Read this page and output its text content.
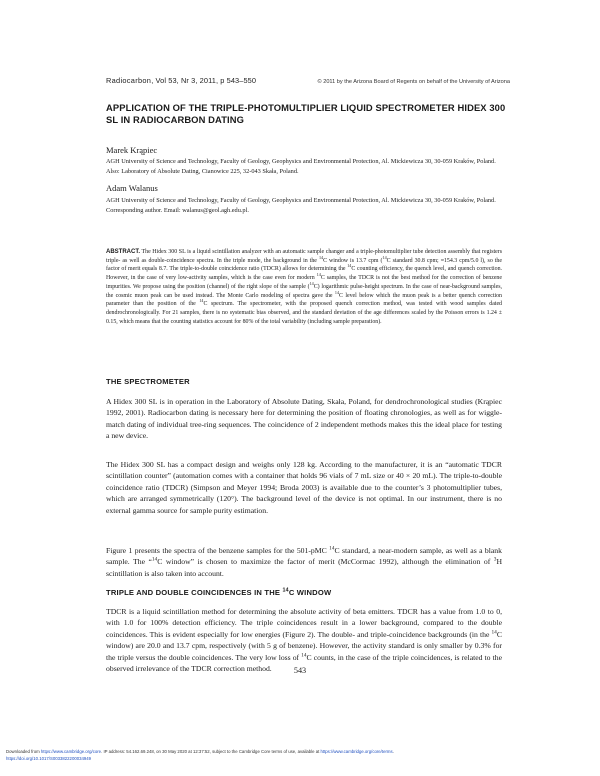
Radiocarbon, Vol 53, Nr 3, 2011, p 543–550	© 2011 by the Arizona Board of Regents on behalf of the University of Arizona
APPLICATION OF THE TRIPLE-PHOTOMULTIPLIER LIQUID SPECTROMETER HIDEX 300 SL IN RADIOCARBON DATING

Marek Krąpiec

AGH University of Science and Technology, Faculty of Geology, Geophysics and Environmental Protection, Al. Mickiewicza 30, 30-059 Kraków, Poland. Also: Laboratory of Absolute Dating, Cianowice 225, 32-043 Skała, Poland.

Adam Walanus

AGH University of Science and Technology, Faculty of Geology, Geophysics and Environmental Protection, Al. Mickiewicza 30, 30-059 Kraków, Poland. Corresponding author. Email: walanus@geol.agh.edu.pl.

ABSTRACT. The Hidex 300 SL is a liquid scintillation analyzer with an automatic sample changer and a triple-photomultiplier tube detection assembly that registers triple- as well as double-coincidence spectra. In the triple mode, the background in the $^{14}$C window is 13.7 cpm ($^{14}$C standard 30.8 cpm; ≈154.3 cpm/5.0 l), so the factor of merit equals 8.7. The triple-to-double coincidence ratio (TDCR) allows for determining the $^{14}$C counting efficiency, the quench level, and quench correction. However, in the case of very low-activity samples, which is the case even for modern $^{14}$C samples, the TDCR is not the best method for the correction of benzene impurities. We propose using the position (channel) of the right slope of the sample ($^{14}$C) logarithmic pulse-height spectrum. In the case of near-background samples, the cosmic muon peak can be used instead. The Monte Carlo modeling of spectra gave the $^{14}$C level below which the muon peak is a better quench correction parameter than the position of the $^{14}$C spectrum. The spectrometer, with the proposed quench correction method, was tested with wood samples dated dendrochronologically. For 21 samples, there is no systematic bias observed, and the standard deviation of the age differences scaled by the Poisson errors is 1.24 ± 0.15, which means that the counting statistics account for 80% of the total variability (including sample preparation).

THE SPECTROMETER

A Hidex 300 SL is in operation in the Laboratory of Absolute Dating, Skała, Poland, for dendrochronological studies (Krąpiec 1992, 2001). Radiocarbon dating is necessary here for determining the position of floating chronologies, as well as for wiggle-match dating of individual tree-ring sequences. The coincidence of 2 independent methods makes this the ideal place for testing a new device.

The Hidex 300 SL has a compact design and weighs only 128 kg. According to the manufacturer, it is an “automatic TDCR scintillation counter” (automation comes with a container that holds 96 vials of 7 mL size or 40 × 20 mL). The triple-to-double coincidence ratio (TDCR) (Simpson and Meyer 1994; Broda 2003) is available due to the counter’s 3 photomultiplier tubes, which are arranged symmetrically (120°). The background level of the device is not optimal. In our instrument, there is no external gamma source for sample purity estimation.

Figure 1 presents the spectra of the benzene samples for the 501-pMC $^{14}$C standard, a near-modern sample, as well as a blank sample. The “$^{14}$C window” is chosen to maximize the factor of merit (McCormac 1992), although the elimination of $^3$H scintillation is also taken into account.

TRIPLE AND DOUBLE COINCIDENCES IN THE $^{14}$C WINDOW

TDCR is a liquid scintillation method for determining the absolute activity of beta emitters. TDCR has a value from 1.0 to 0, with 1.0 for 100% detection efficiency. The triple coincidences result in a lower background, compared to the double coincidences. This is evident especially for low energies (Figure 2). The double- and triple-coincidence backgrounds (in the $^{14}$C window) are 20.0 and 13.7 cpm, respectively (with 5 g of benzene). However, the activity standard is only smaller by 0.3% for the triple versus the double coincidences. The very low loss of $^{14}$C counts, in the case of the triple coincidences, is related to the observed irrelevance of the TDCR correction method.	543

Downloaded from https://www.cambridge.org/core. IP address: 54.162.69.248, on 30 May 2020 at 12:37:52, subject to the Cambridge Core terms of use, available at https://www.cambridge.org/core/terms.
https://doi.org/10.1017/S0033822200034949
